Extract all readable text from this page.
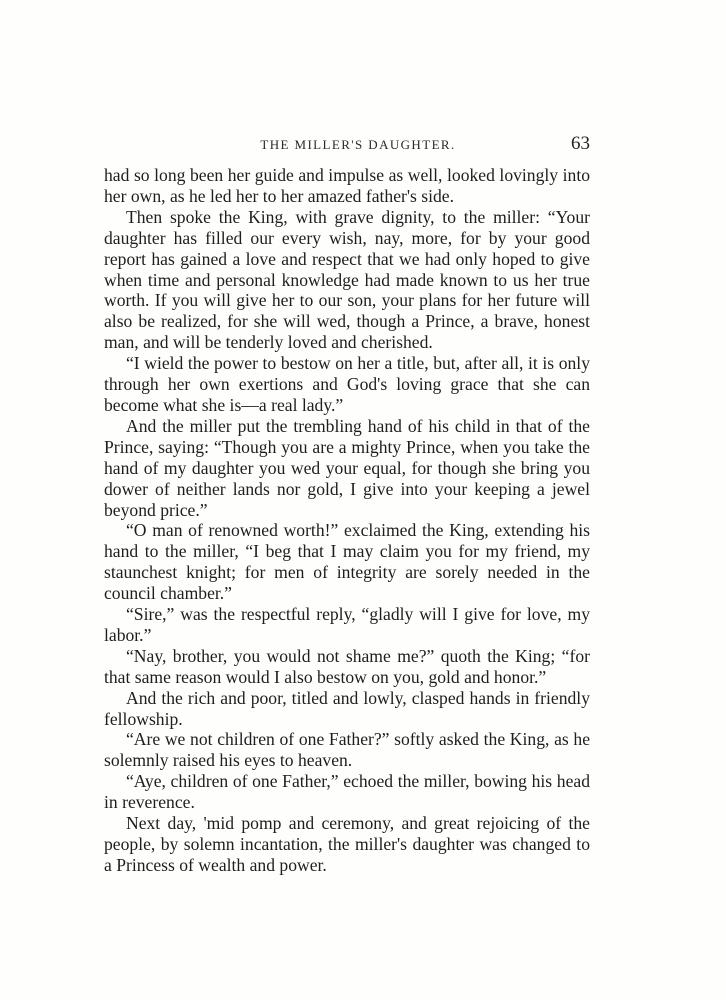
THE MILLER'S DAUGHTER.	63

had so long been her guide and impulse as well, looked lovingly into her own, as he led her to her amazed father's side.

Then spoke the King, with grave dignity, to the miller: “Your daughter has filled our every wish, nay, more, for by your good report has gained a love and respect that we had only hoped to give when time and personal knowledge had made known to us her true worth. If you will give her to our son, your plans for her future will also be realized, for she will wed, though a Prince, a brave, honest man, and will be tenderly loved and cherished.

“I wield the power to bestow on her a title, but, after all, it is only through her own exertions and God's loving grace that she can become what she is—a real lady.”

And the miller put the trembling hand of his child in that of the Prince, saying: “Though you are a mighty Prince, when you take the hand of my daughter you wed your equal, for though she bring you dower of neither lands nor gold, I give into your keeping a jewel beyond price.”

“O man of renowned worth!” exclaimed the King, extending his hand to the miller, “I beg that I may claim you for my friend, my staunchest knight; for men of integrity are sorely needed in the council chamber.”

“Sire,” was the respectful reply, “gladly will I give for love, my labor.”

“Nay, brother, you would not shame me?” quoth the King; “for that same reason would I also bestow on you, gold and honor.”

And the rich and poor, titled and lowly, clasped hands in friendly fellowship.

“Are we not children of one Father?” softly asked the King, as he solemnly raised his eyes to heaven.

“Aye, children of one Father,” echoed the miller, bowing his head in reverence.

Next day, 'mid pomp and ceremony, and great rejoicing of the people, by solemn incantation, the miller's daughter was changed to a Princess of wealth and power.
